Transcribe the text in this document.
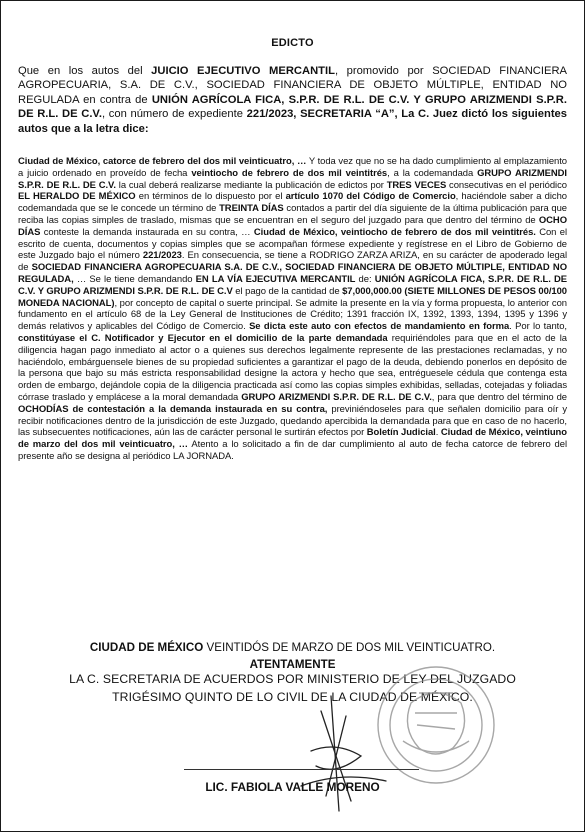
EDICTO
Que en los autos del JUICIO EJECUTIVO MERCANTIL, promovido por SOCIEDAD FINANCIERA AGROPECUARIA, S.A. DE C.V., SOCIEDAD FINANCIERA DE OBJETO MÚLTIPLE, ENTIDAD NO REGULADA en contra de UNIÓN AGRÍCOLA FICA, S.P.R. DE R.L. DE C.V. Y GRUPO ARIZMENDI S.P.R. DE R.L. DE C.V., con número de expediente 221/2023, SECRETARIA “A”, La C. Juez dictó los siguientes autos que a la letra dice:
Ciudad de México, catorce de febrero del dos mil veinticuatro, … Y toda vez que no se ha dado cumplimiento al emplazamiento a juicio ordenado en proveído de fecha veintiocho de febrero de dos mil veintitrés, a la codemandada GRUPO ARIZMENDI S.P.R. DE R.L. DE C.V. la cual deberá realizarse mediante la publicación de edictos por TRES VECES consecutivas en el periódico EL HERALDO DE MÉXICO en términos de lo dispuesto por el artículo 1070 del Código de Comercio, haciéndole saber a dicho codemandada que se le concede un término de TREINTA DÍAS contados a partir del día siguiente de la última publicación para que reciba las copias simples de traslado, mismas que se encuentran en el seguro del juzgado para que dentro del término de OCHO DÍAS conteste la demanda instaurada en su contra, … Ciudad de México, veintiocho de febrero de dos mil veintitrés. Con el escrito de cuenta, documentos y copias simples que se acompañan fórmese expediente y regístrese en el Libro de Gobierno de este Juzgado bajo el número 221/2023. En consecuencia, se tiene a RODRIGO ZARZA ARIZA, en su carácter de apoderado legal de SOCIEDAD FINANCIERA AGROPECUARIA S.A. DE C.V., SOCIEDAD FINANCIERA DE OBJETO MÚLTIPLE, ENTIDAD NO REGULADA, … Se le tiene demandando EN LA VÍA EJECUTIVA MERCANTIL de: UNIÓN AGRÍCOLA FICA, S.P.R. DE R.L. DE C.V. Y GRUPO ARIZMENDI S.P.R. DE R.L. DE C.V el pago de la cantidad de $7,000,000.00 (SIETE MILLONES DE PESOS 00/100 MONEDA NACIONAL), por concepto de capital o suerte principal. Se admite la presente en la vía y forma propuesta, lo anterior con fundamento en el artículo 68 de la Ley General de Instituciones de Crédito; 1391 fracción IX, 1392, 1393, 1394, 1395 y 1396 y demás relativos y aplicables del Código de Comercio. Se dicta este auto con efectos de mandamiento en forma. Por lo tanto, constitúyase el C. Notificador y Ejecutor en el domicilio de la parte demandada requiriéndoles para que en el acto de la diligencia hagan pago inmediato al actor o a quienes sus derechos legalmente represente de las prestaciones reclamadas, y no haciéndolo, embárguensele bienes de su propiedad suficientes a garantizar el pago de la deuda, debiendo ponerlos en depósito de la persona que bajo su más estricta responsabilidad designe la actora y hecho que sea, entréguesele cédula que contenga esta orden de embargo, dejándole copia de la diligencia practicada así como las copias simples exhibidas, selladas, cotejadas y foliadas córrase traslado y emplácese a la moral demandada GRUPO ARIZMENDI S.P.R. DE R.L. DE C.V., para que dentro del término de OCHODÍAS de contestación a la demanda instaurada en su contra, previniéndoseles para que señalen domicilio para oír y recibir notificaciones dentro de la jurisdicción de este Juzgado, quedando apercibida la demandada para que en caso de no hacerlo, las subsecuentes notificaciones, aún las de carácter personal le surtirán efectos por Boletín Judicial. Ciudad de México, veintiuno de marzo del dos mil veinticuatro, … Atento a lo solicitado a fin de dar cumplimiento al auto de fecha catorce de febrero del presente año se designa al periódico LA JORNADA.
CIUDAD DE MÉXICO VEINTIDÓS DE MARZO DE DOS MIL VEINTICUATRO.
ATENTAMENTE
LA C. SECRETARIA DE ACUERDOS POR MINISTERIO DE LEY DEL JUZGADO
TRIGÉSIMO QUINTO DE LO CIVIL DE LA CIUDAD DE MÉXICO.
LIC. FABIOLA VALLE MORENO
